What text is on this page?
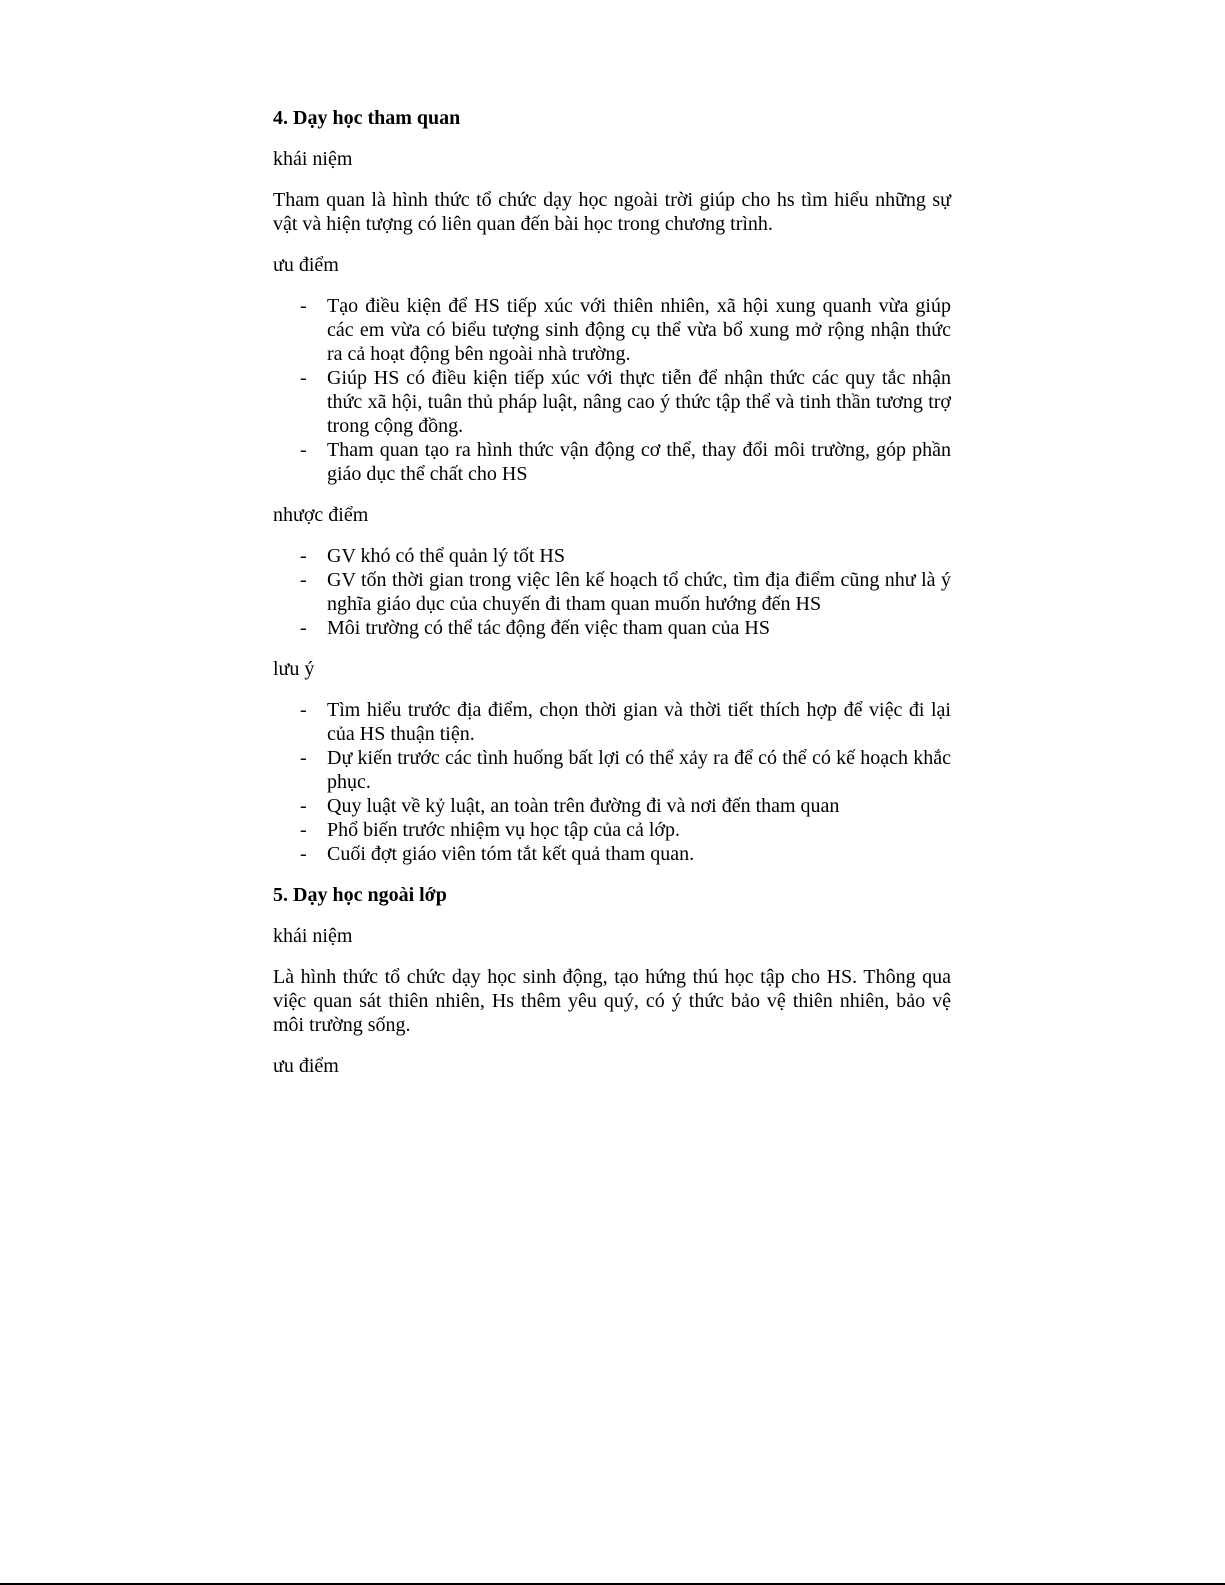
4. Dạy học tham quan

khái niệm

Tham quan là hình thức tổ chức dạy học ngoài trời giúp cho hs tìm hiểu những sự vật và hiện tượng có liên quan đến bài học trong chương trình.

ưu điểm

- Tạo điều kiện để HS tiếp xúc với thiên nhiên, xã hội xung quanh vừa giúp các em vừa có biểu tượng sinh động cụ thể vừa bổ xung mở rộng nhận thức ra cả hoạt động bên ngoài nhà trường.
- Giúp HS có điều kiện tiếp xúc với thực tiễn để nhận thức các quy tắc nhận thức xã hội, tuân thủ pháp luật, nâng cao ý thức tập thể và tinh thần tương trợ trong cộng đồng.
- Tham quan tạo ra hình thức vận động cơ thể, thay đổi môi trường, góp phần giáo dục thể chất cho HS

nhược điểm

- GV khó có thể quản lý tốt HS
- GV tốn thời gian trong việc lên kế hoạch tổ chức, tìm địa điểm cũng như là ý nghĩa giáo dục của chuyến đi tham quan muốn hướng đến HS
- Môi trường có thể tác động đến việc tham quan của HS

lưu ý

- Tìm hiểu trước địa điểm, chọn thời gian và thời tiết thích hợp để việc đi lại của HS thuận tiện.
- Dự kiến trước các tình huống bất lợi có thể xảy ra để có thể có kế hoạch khắc phục.
- Quy luật về kỷ luật, an toàn trên đường đi và nơi đến tham quan
- Phổ biến trước nhiệm vụ học tập của cả lớp.
- Cuối đợt giáo viên tóm tắt kết quả tham quan.

5. Dạy học ngoài lớp

khái niệm

Là hình thức tổ chức dạy học sinh động, tạo hứng thú học tập cho HS. Thông qua việc quan sát thiên nhiên, Hs thêm yêu quý, có ý thức bảo vệ thiên nhiên, bảo vệ môi trường sống.

ưu điểm
